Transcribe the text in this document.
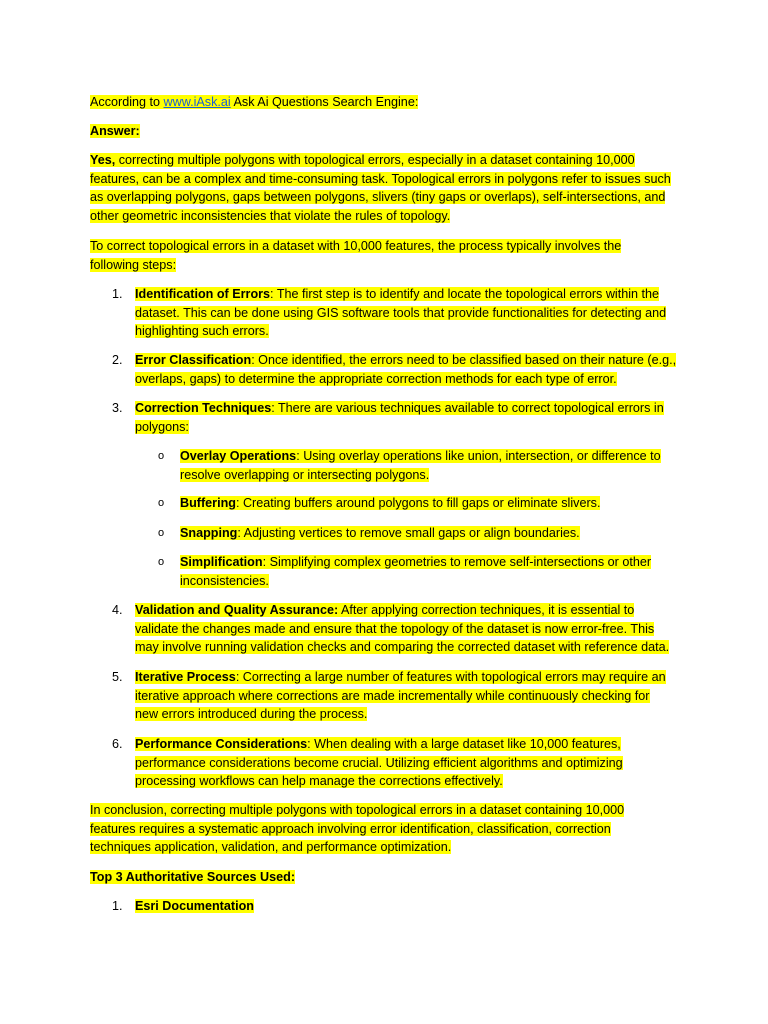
According to www.iAsk.ai Ask Ai Questions Search Engine:

Answer:

Yes, correcting multiple polygons with topological errors, especially in a dataset containing 10,000
features, can be a complex and time-consuming task. Topological errors in polygons refer to issues such
as overlapping polygons, gaps between polygons, slivers (tiny gaps or overlaps), self-intersections, and
other geometric inconsistencies that violate the rules of topology.

To correct topological errors in a dataset with 10,000 features, the process typically involves the
following steps:

1. Identification of Errors: The first step is to identify and locate the topological errors within the
dataset. This can be done using GIS software tools that provide functionalities for detecting and
highlighting such errors.

2. Error Classification: Once identified, the errors need to be classified based on their nature (e.g.,
overlaps, gaps) to determine the appropriate correction methods for each type of error.

3. Correction Techniques: There are various techniques available to correct topological errors in
polygons:

o Overlay Operations: Using overlay operations like union, intersection, or difference to
resolve overlapping or intersecting polygons.

o Buffering: Creating buffers around polygons to fill gaps or eliminate slivers.

o Snapping: Adjusting vertices to remove small gaps or align boundaries.

o Simplification: Simplifying complex geometries to remove self-intersections or other
inconsistencies.

4. Validation and Quality Assurance: After applying correction techniques, it is essential to
validate the changes made and ensure that the topology of the dataset is now error-free. This
may involve running validation checks and comparing the corrected dataset with reference data.

5. Iterative Process: Correcting a large number of features with topological errors may require an
iterative approach where corrections are made incrementally while continuously checking for
new errors introduced during the process.

6. Performance Considerations: When dealing with a large dataset like 10,000 features,
performance considerations become crucial. Utilizing efficient algorithms and optimizing
processing workflows can help manage the corrections effectively.

In conclusion, correcting multiple polygons with topological errors in a dataset containing 10,000
features requires a systematic approach involving error identification, classification, correction
techniques application, validation, and performance optimization.

Top 3 Authoritative Sources Used:

1. Esri Documentation
